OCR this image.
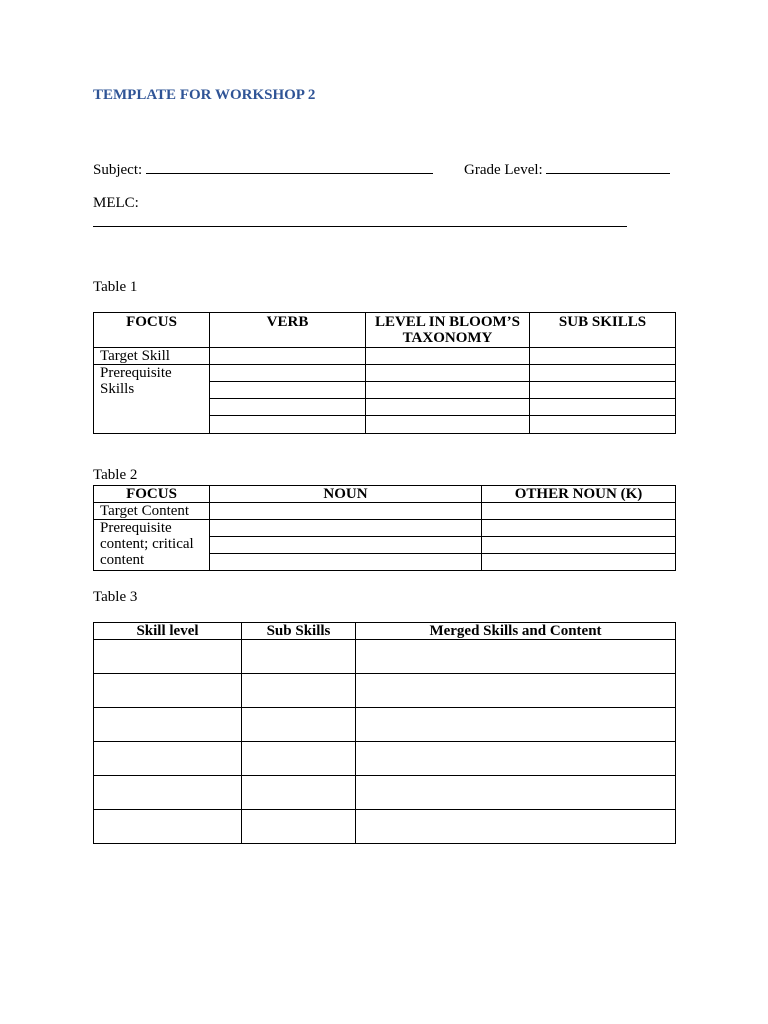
TEMPLATE FOR WORKSHOP 2
Subject:	Grade Level:
MELC:
Table 1
FOCUS	VERB	LEVEL IN BLOOM’S TAXONOMY	SUB SKILLS
Target Skill			
Prerequisite Skills			

Table 2
FOCUS	NOUN	OTHER NOUN (K)
Target Content		
Prerequisite content; critical content		

Table 3
Skill level	Sub Skills	Merged Skills and Content
